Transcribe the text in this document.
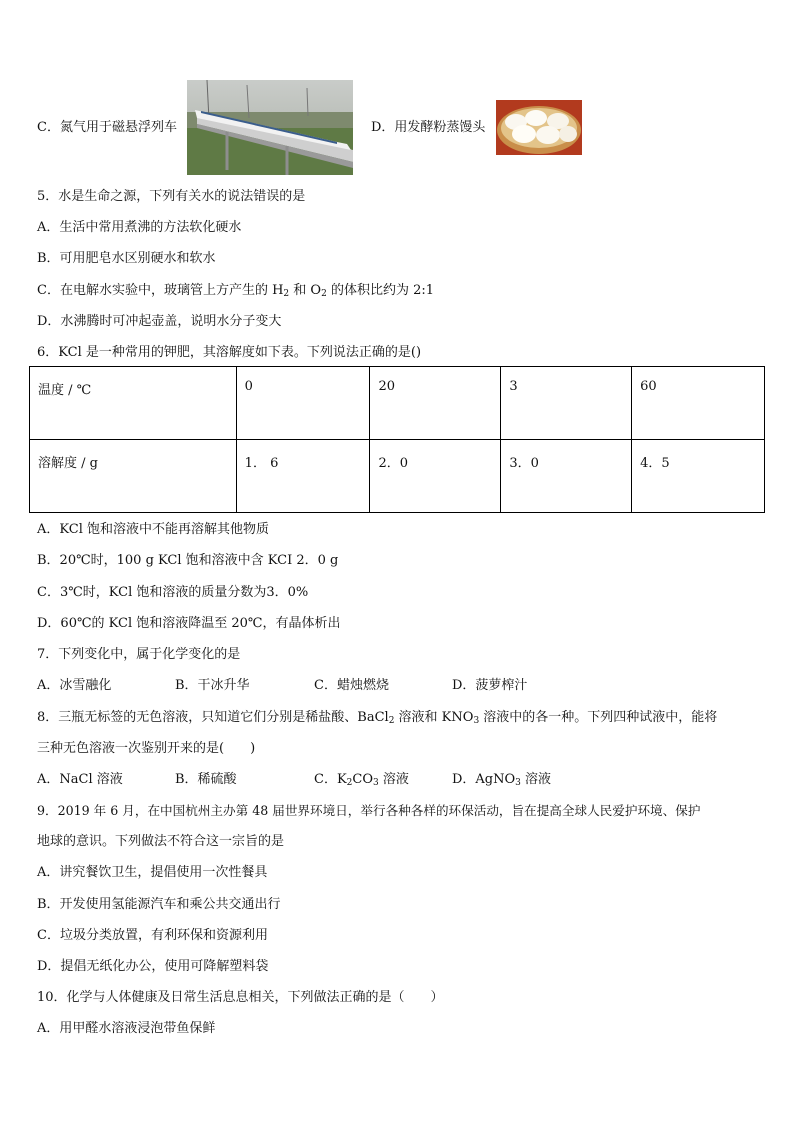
C．氮气用于磁悬浮列车	D．用发酵粉蒸馒头
5．水是生命之源，下列有关水的说法错误的是
A．生活中常用煮沸的方法软化硬水
B．可用肥皂水区别硬水和软水
C．在电解水实验中，玻璃管上方产生的 $H_2$ 和 $O_2$ 的体积比约为 2:1
D．水沸腾时可冲起壶盖，说明水分子变大
6．KCl 是一种常用的钾肥，其溶解度如下表。下列说法正确的是()
温度 / ℃	0	20	3	60
溶解度 / g	1． 6	2．0	3．0	4．5
A．KCl 饱和溶液中不能再溶解其他物质
B．20℃时，100 g KCl 饱和溶液中含 KCI 2．0 g
C．3℃时，KCl 饱和溶液的质量分数为3．0%
D．60℃的 KCl 饱和溶液降温至 20℃，有晶体析出
7．下列变化中，属于化学变化的是
A．冰雪融化	B．干冰升华	C．蜡烛燃烧	D．菠萝榨汁
8．三瓶无标签的无色溶液，只知道它们分别是稀盐酸、BaCl$_2$ 溶液和 $KNO_3$ 溶液中的各一种。下列四种试液中，能将
三种无色溶液一次鉴别开来的是(　　)
A．NaCl 溶液	B．稀硫酸	C．$K_2CO_3$ 溶液	D．AgNO$_3$ 溶液
9．2019 年 6 月，在中国杭州主办第 48 届世界环境日，举行各种各样的环保活动，旨在提高全球人民爱护环境、保护
地球的意识。下列做法不符合这一宗旨的是
A．讲究餐饮卫生，提倡使用一次性餐具
B．开发使用氢能源汽车和乘公共交通出行
C．垃圾分类放置，有利环保和资源利用
D．提倡无纸化办公，使用可降解塑料袋
10．化学与人体健康及日常生活息息相关，下列做法正确的是（　　）
A．用甲醛水溶液浸泡带鱼保鲜
